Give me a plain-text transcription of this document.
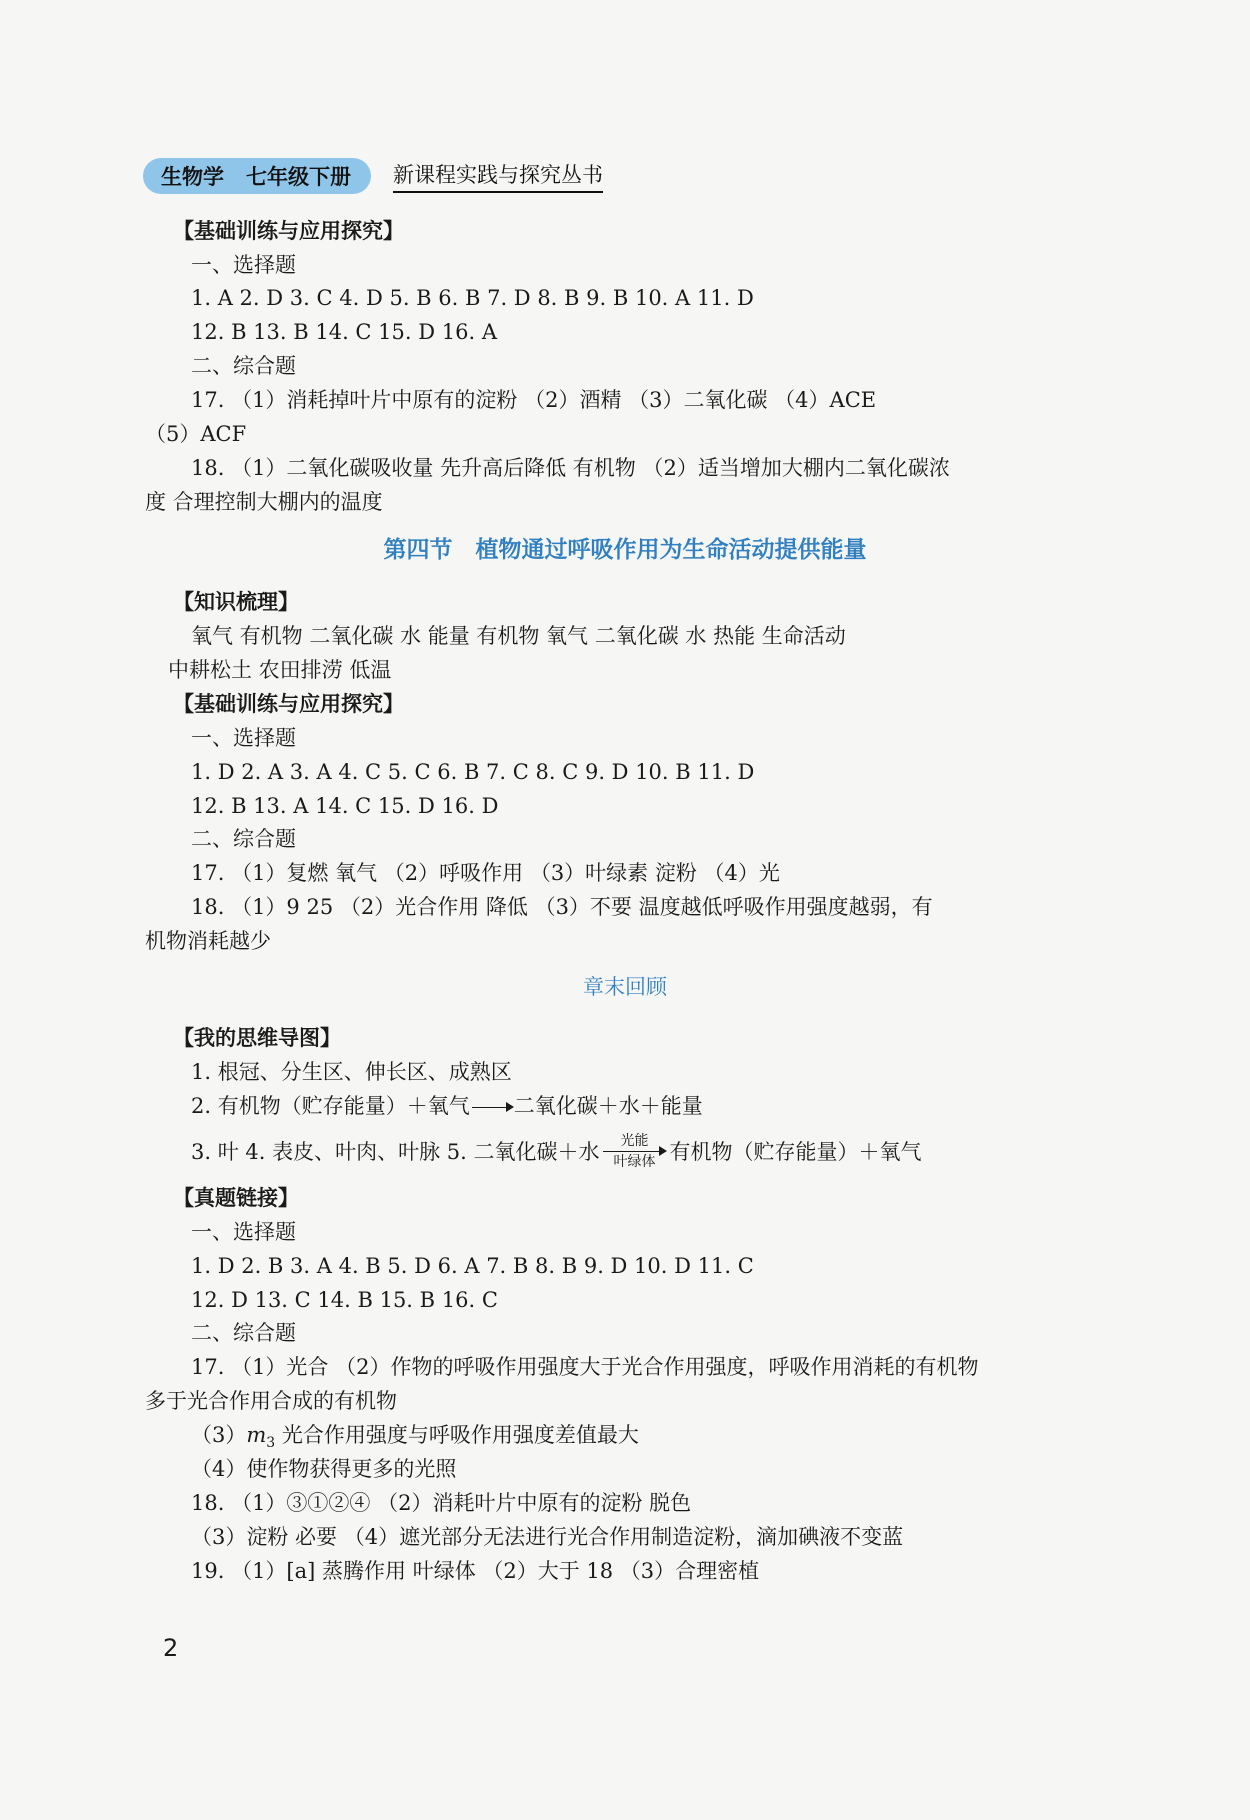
生物学 七年级下册 新课程实践与探究丛书
【基础训练与应用探究】
一、选择题
1. A 2. D 3. C 4. D 5. B 6. B 7. D 8. B 9. B 10. A 11. D
12. B 13. B 14. C 15. D 16. A
二、综合题
17. （1）消耗掉叶片中原有的淀粉 （2）酒精 （3）二氧化碳 （4）ACE
（5）ACF
18. （1）二氧化碳吸收量 先升高后降低 有机物 （2）适当增加大棚内二氧化碳浓
度 合理控制大棚内的温度
第四节　植物通过呼吸作用为生命活动提供能量
【知识梳理】
氧气 有机物 二氧化碳 水 能量 有机物 氧气 二氧化碳 水 热能 生命活动
中耕松土 农田排涝 低温
【基础训练与应用探究】
一、选择题
1. D 2. A 3. A 4. C 5. C 6. B 7. C 8. C 9. D 10. B 11. D
12. B 13. A 14. C 15. D 16. D
二、综合题
17. （1）复燃 氧气 （2）呼吸作用 （3）叶绿素 淀粉 （4）光
18. （1）9 25 （2）光合作用 降低 （3）不要 温度越低呼吸作用强度越弱，有
机物消耗越少
章末回顾
【我的思维导图】
1. 根冠、分生区、伸长区、成熟区
2. 有机物（贮存能量）＋氧气 二氧化碳＋水＋能量
3. 叶 4. 表皮、叶肉、叶脉 5. 二氧化碳＋水 光能
叶绿体 有机物（贮存能量）＋氧气
【真题链接】
一、选择题
1. D 2. B 3. A 4. B 5. D 6. A 7. B 8. B 9. D 10. D 11. C
12. D 13. C 14. B 15. B 16. C
二、综合题
17. （1）光合 （2）作物的呼吸作用强度大于光合作用强度，呼吸作用消耗的有机物
多于光合作用合成的有机物
$(3)m_3$ 光合作用强度与呼吸作用强度差值最大
（4）使作物获得更多的光照
18. （1）③①②④ （2）消耗叶片中原有的淀粉 脱色
（3）淀粉 必要 （4）遮光部分无法进行光合作用制造淀粉，滴加碘液不变蓝
19. （1）[a] 蒸腾作用 叶绿体 （2）大于 18 （3）合理密植
2
